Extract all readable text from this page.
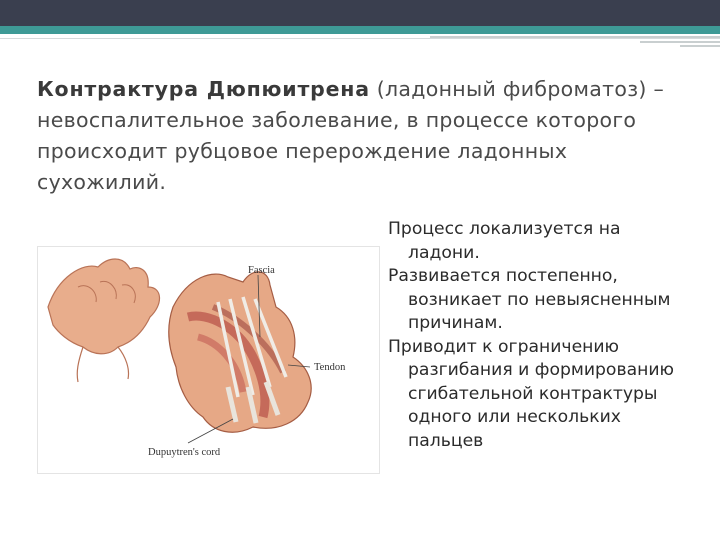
Контрактура Дюпюитрена (ладонный фиброматоз) – невоспалительное заболевание, в процессе которого происходит рубцовое перерождение ладонных сухожилий.
Fascia
Tendon
Dupuytren's cord

Процесс локализуется на ладони.

Развивается постепенно, возникает по невыясненным причинам.

Приводит к ограничению разгибания и формированию сгибательной контрактуры одного или нескольких пальцев
